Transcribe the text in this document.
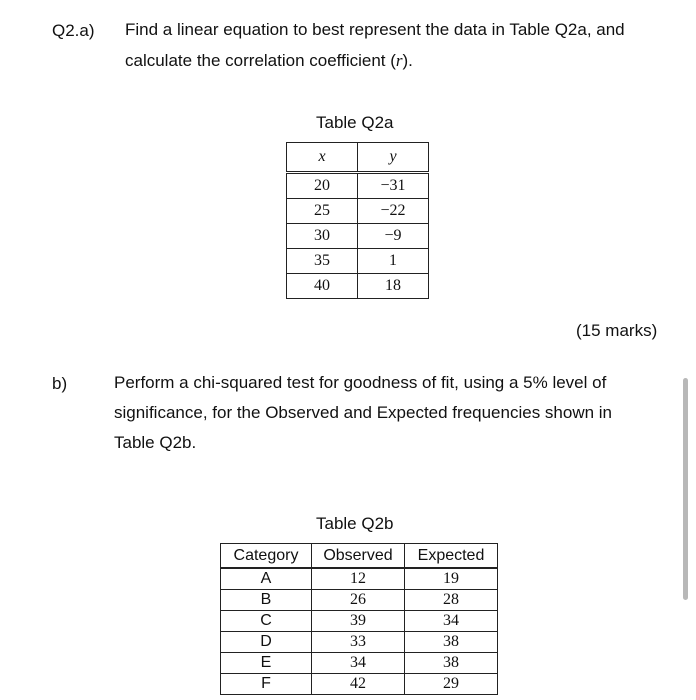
Q2.a) Find a linear equation to best represent the data in Table Q2a, and
calculate the correlation coefficient (r).
Table Q2a
x	y
20	−31
25	−22
30	−9
35	1
40	18
(15 marks)
b)	Perform a chi-squared test for goodness of fit, using a 5% level of
significance, for the Observed and Expected frequencies shown in
Table Q2b.
Table Q2b
Category	Observed	Expected
A	12	19
B	26	28
C	39	34
D	33	38
E	34	38
F	42	29
